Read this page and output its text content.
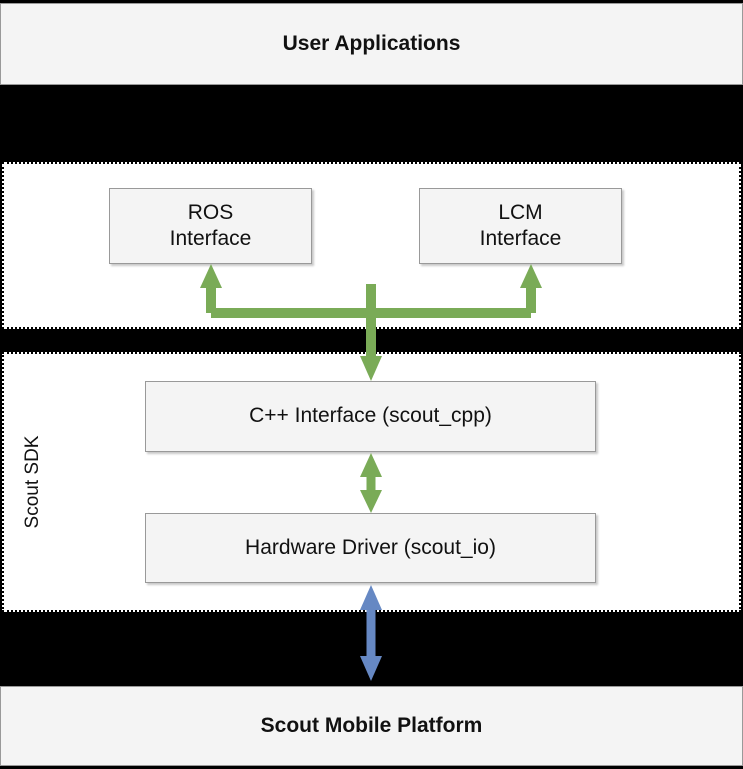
User Applications
Scout SDK
ROS
Interface
LCM
Interface
C++ Interface (scout_cpp)
Hardware Driver (scout_io)
Scout Mobile Platform
